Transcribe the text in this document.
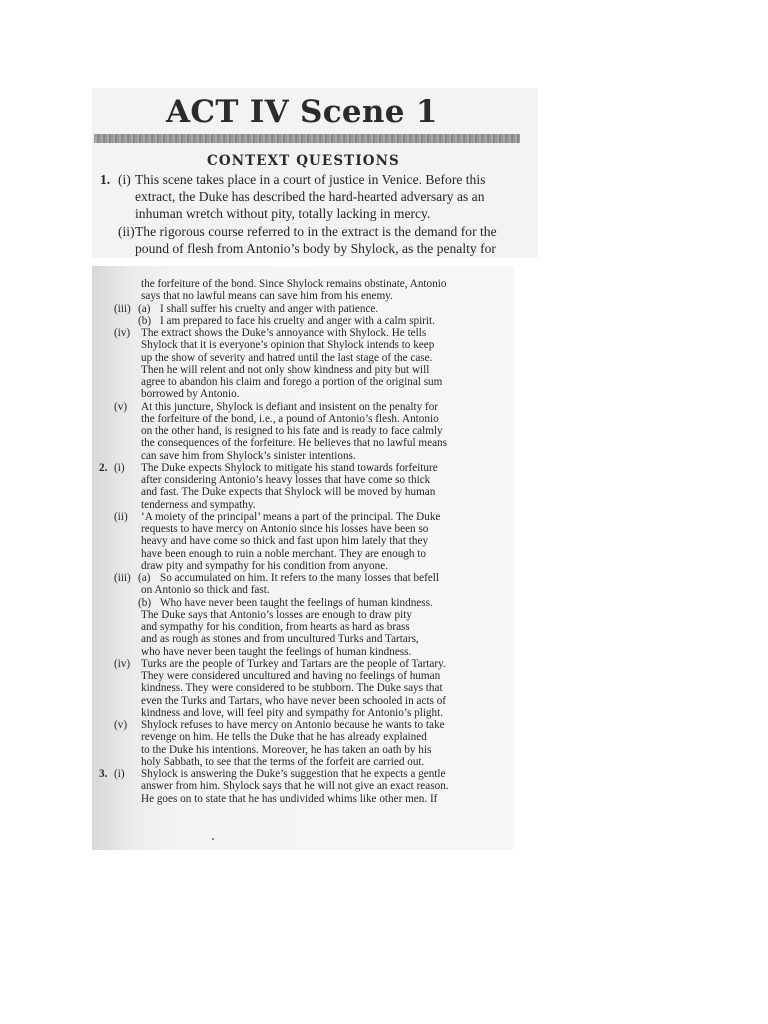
ACT IV Scene 1
CONTEXT QUESTIONS
1. (i) This scene takes place in a court of justice in Venice. Before this
extract, the Duke has described the hard-hearted adversary as an
inhuman wretch without pity, totally lacking in mercy.
(ii) The rigorous course referred to in the extract is the demand for the
pound of flesh from Antonio’s body by Shylock, as the penalty for
the forfeiture of the bond. Since Shylock remains obstinate, Antonio
says that no lawful means can save him from his enemy.
(iii) (a) I shall suffer his cruelty and anger with patience.
(b) I am prepared to face his cruelty and anger with a calm spirit.
(iv) The extract shows the Duke’s annoyance with Shylock. He tells
Shylock that it is everyone’s opinion that Shylock intends to keep
up the show of severity and hatred until the last stage of the case.
Then he will relent and not only show kindness and pity but will
agree to abandon his claim and forego a portion of the original sum
borrowed by Antonio.
(v) At this juncture, Shylock is defiant and insistent on the penalty for
the forfeiture of the bond, i.e., a pound of Antonio’s flesh. Antonio
on the other hand, is resigned to his fate and is ready to face calmly
the consequences of the forfeiture. He believes that no lawful means
can save him from Shylock’s sinister intentions.
2. (i) The Duke expects Shylock to mitigate his stand towards forfeiture
after considering Antonio’s heavy losses that have come so thick
and fast. The Duke expects that Shylock will be moved by human
tenderness and sympathy.
(ii) ‘A moiety of the principal’ means a part of the principal. The Duke
requests to have mercy on Antonio since his losses have been so
heavy and have come so thick and fast upon him lately that they
have been enough to ruin a noble merchant. They are enough to
draw pity and sympathy for his condition from anyone.
(iii) (a) So accumulated on him. It refers to the many losses that befell
on Antonio so thick and fast.
(b) Who have never been taught the feelings of human kindness.
The Duke says that Antonio’s losses are enough to draw pity
and sympathy for his condition, from hearts as hard as brass
and as rough as stones and from uncultured Turks and Tartars,
who have never been taught the feelings of human kindness.
(iv) Turks are the people of Turkey and Tartars are the people of Tartary.
They were considered uncultured and having no feelings of human
kindness. They were considered to be stubborn. The Duke says that
even the Turks and Tartars, who have never been schooled in acts of
kindness and love, will feel pity and sympathy for Antonio’s plight.
(v) Shylock refuses to have mercy on Antonio because he wants to take
revenge on him. He tells the Duke that he has already explained
to the Duke his intentions. Moreover, he has taken an oath by his
holy Sabbath, to see that the terms of the forfeit are carried out.
3. (i) Shylock is answering the Duke’s suggestion that he expects a gentle
answer from him. Shylock says that he will not give an exact reason.
He goes on to state that he has undivided whims like other men. If
